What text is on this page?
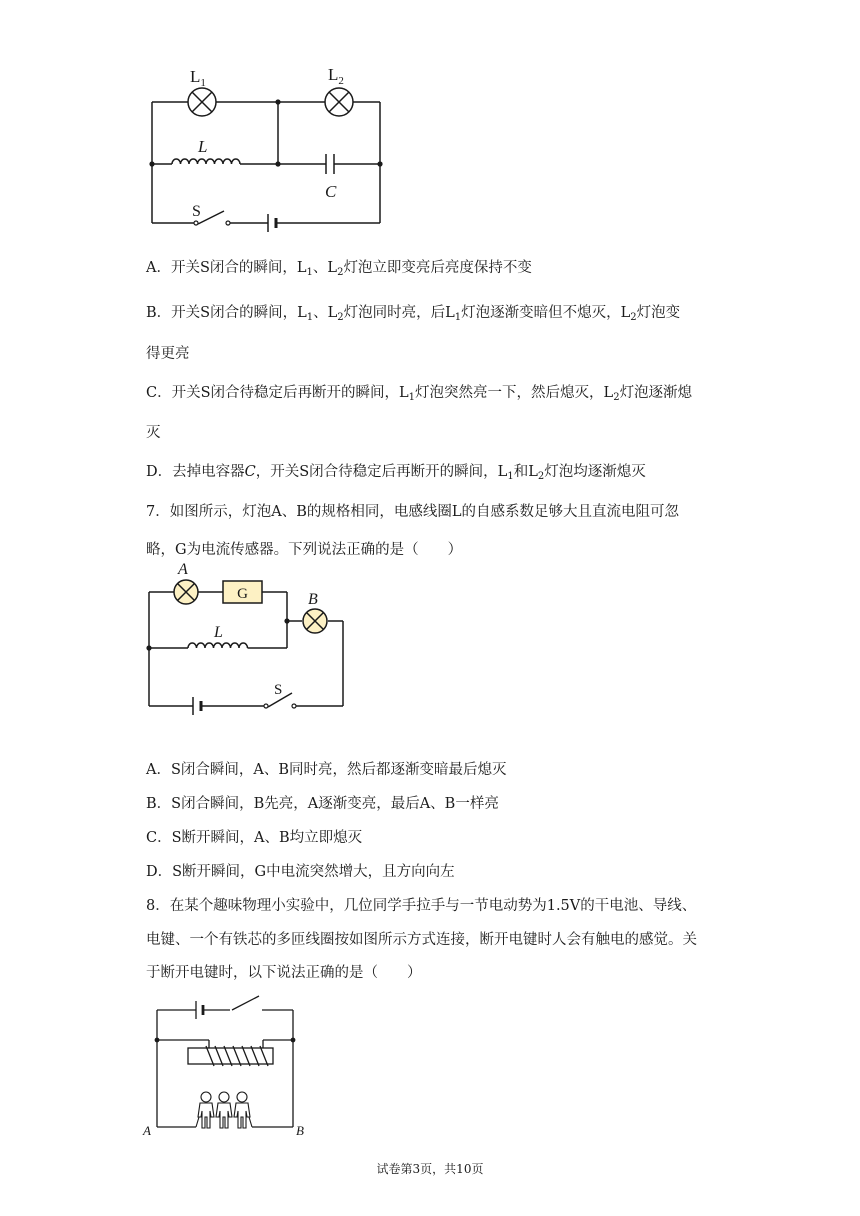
$L_1$	$L_2$
L
C
S
A．开关S闭合的瞬间，$L_1$、$L_2$灯泡立即变亮后亮度保持不变
B．开关S闭合的瞬间，$L_1$、$L_2$灯泡同时亮，后$L_1$灯泡逐渐变暗但不熄灭，$L_2$灯泡变
得更亮
C．开关S闭合待稳定后再断开的瞬间，$L_1$灯泡突然亮一下，然后熄灭，$L_2$灯泡逐渐熄
灭
D．去掉电容器C，开关S闭合待稳定后再断开的瞬间，$L_1$和$L_2$灯泡均逐渐熄灭
7．如图所示，灯泡A、B的规格相同，电感线圈L的自感系数足够大且直流电阻可忽
略，G为电流传感器。下列说法正确的是（　　）
A
G	B
L
S
A．S闭合瞬间，A、B同时亮，然后都逐渐变暗最后熄灭
B．S闭合瞬间，B先亮，A逐渐变亮，最后A、B一样亮
C．S断开瞬间，A、B均立即熄灭
D．S断开瞬间，G中电流突然增大，且方向向左
8．在某个趣味物理小实验中，几位同学手拉手与一节电动势为1.5V的干电池、导线、
电键、一个有铁芯的多匝线圈按如图所示方式连接，断开电键时人会有触电的感觉。关
于断开电键时，以下说法正确的是（　　）
A	B
试卷第3页，共10页
